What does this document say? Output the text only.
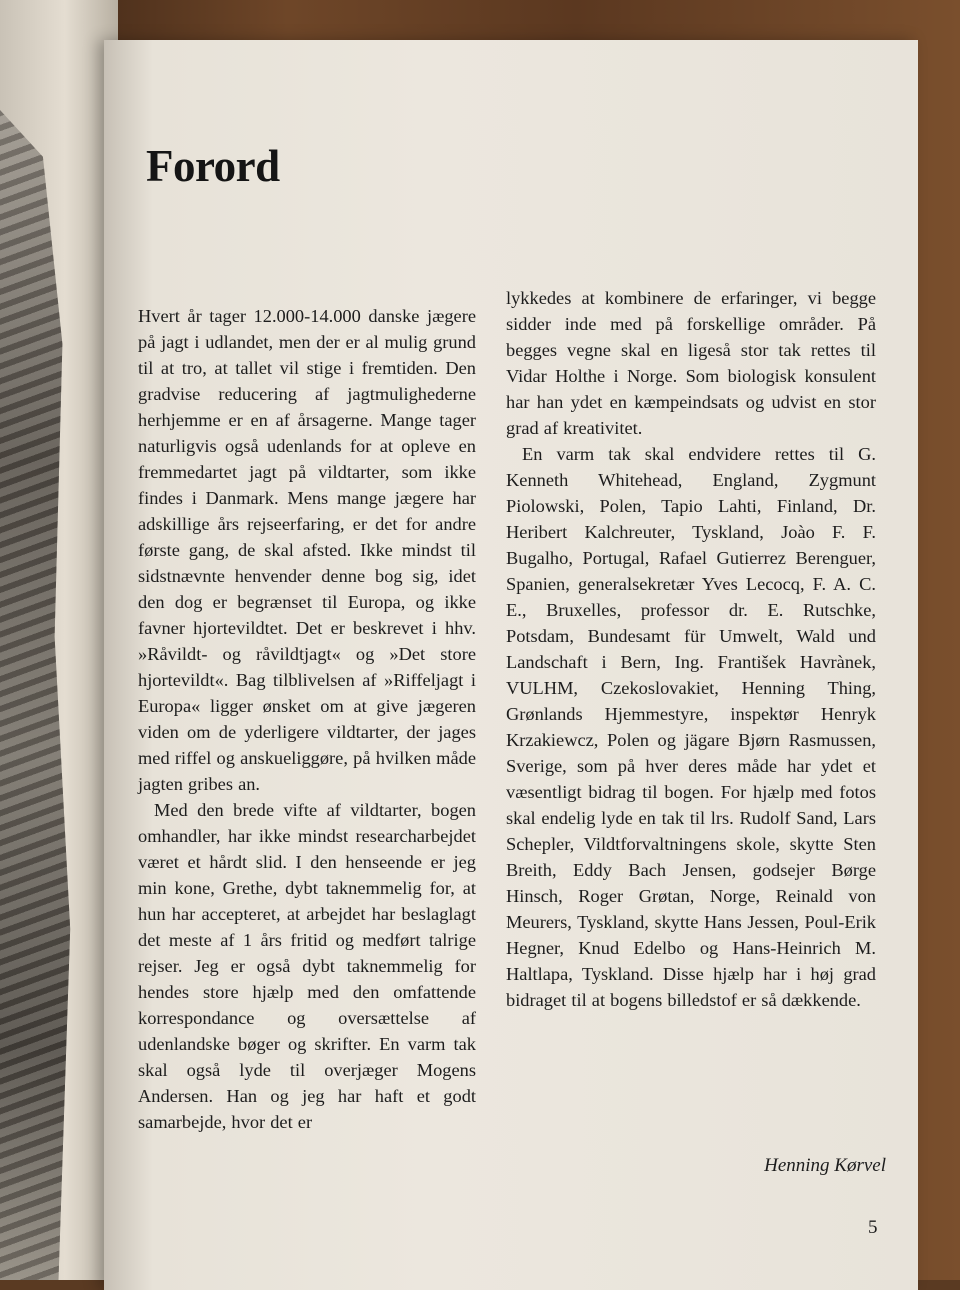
Forord

Hvert år tager 12.000-14.000 danske jægere på jagt i udlandet, men der er al mulig grund til at tro, at tallet vil stige i fremtiden. Den gradvise reducering af jagtmulighederne herhjemme er en af årsagerne. Mange tager naturligvis også udenlands for at opleve en fremmedartet jagt på vildtarter, som ikke findes i Danmark. Mens mange jægere har adskillige års rejseerfaring, er det for andre første gang, de skal afsted. Ikke mindst til sidstnævnte henvender denne bog sig, idet den dog er begrænset til Europa, og ikke favner hjortevildtet. Det er beskrevet i hhv. »Råvildt- og råvildtjagt« og »Det store hjortevildt«. Bag tilblivelsen af »Riffeljagt i Europa« ligger ønsket om at give jægeren viden om de yderligere vildtarter, der jages med riffel og anskueliggøre, på hvilken måde jagten gribes an.

Med den brede vifte af vildtarter, bogen omhandler, har ikke mindst researcharbejdet været et hårdt slid. I den henseende er jeg min kone, Grethe, dybt taknemmelig for, at hun har accepteret, at arbejdet har beslaglagt det meste af 1 års fritid og medført talrige rejser. Jeg er også dybt taknemmelig for hendes store hjælp med den omfattende korrespondance og oversættelse af udenlandske bøger og skrifter. En varm tak skal også lyde til overjæger Mogens Andersen. Han og jeg har haft et godt samarbejde, hvor det er

lykkedes at kombinere de erfaringer, vi begge sidder inde med på forskellige områder. På begges vegne skal en ligeså stor tak rettes til Vidar Holthe i Norge. Som biologisk konsulent har han ydet en kæmpeindsats og udvist en stor grad af kreativitet.

En varm tak skal endvidere rettes til G. Kenneth Whitehead, England, Zygmunt Piolowski, Polen, Tapio Lahti, Finland, Dr. Heribert Kalchreuter, Tyskland, Joào F. F. Bugalho, Portugal, Rafael Gutierrez Berenguer, Spanien, generalsekretær Yves Lecocq, F. A. C. E., Bruxelles, professor dr. E. Rutschke, Potsdam, Bundesamt für Umwelt, Wald und Landschaft i Bern, Ing. František Havrànek, VULHM, Czekoslovakiet, Henning Thing, Grønlands Hjemmestyre, inspektør Henryk Krzakiewcz, Polen og jägare Bjørn Rasmussen, Sverige, som på hver deres måde har ydet et væsentligt bidrag til bogen. For hjælp med fotos skal endelig lyde en tak til lrs. Rudolf Sand, Lars Schepler, Vildtforvaltningens skole, skytte Sten Breith, Eddy Bach Jensen, godsejer Børge Hinsch, Roger Grøtan, Norge, Reinald von Meurers, Tyskland, skytte Hans Jessen, Poul-Erik Hegner, Knud Edelbo og Hans-Heinrich M. Haltlapa, Tyskland. Disse hjælp har i høj grad bidraget til at bogens billedstof er så dækkende.

Henning Kørvel
5
